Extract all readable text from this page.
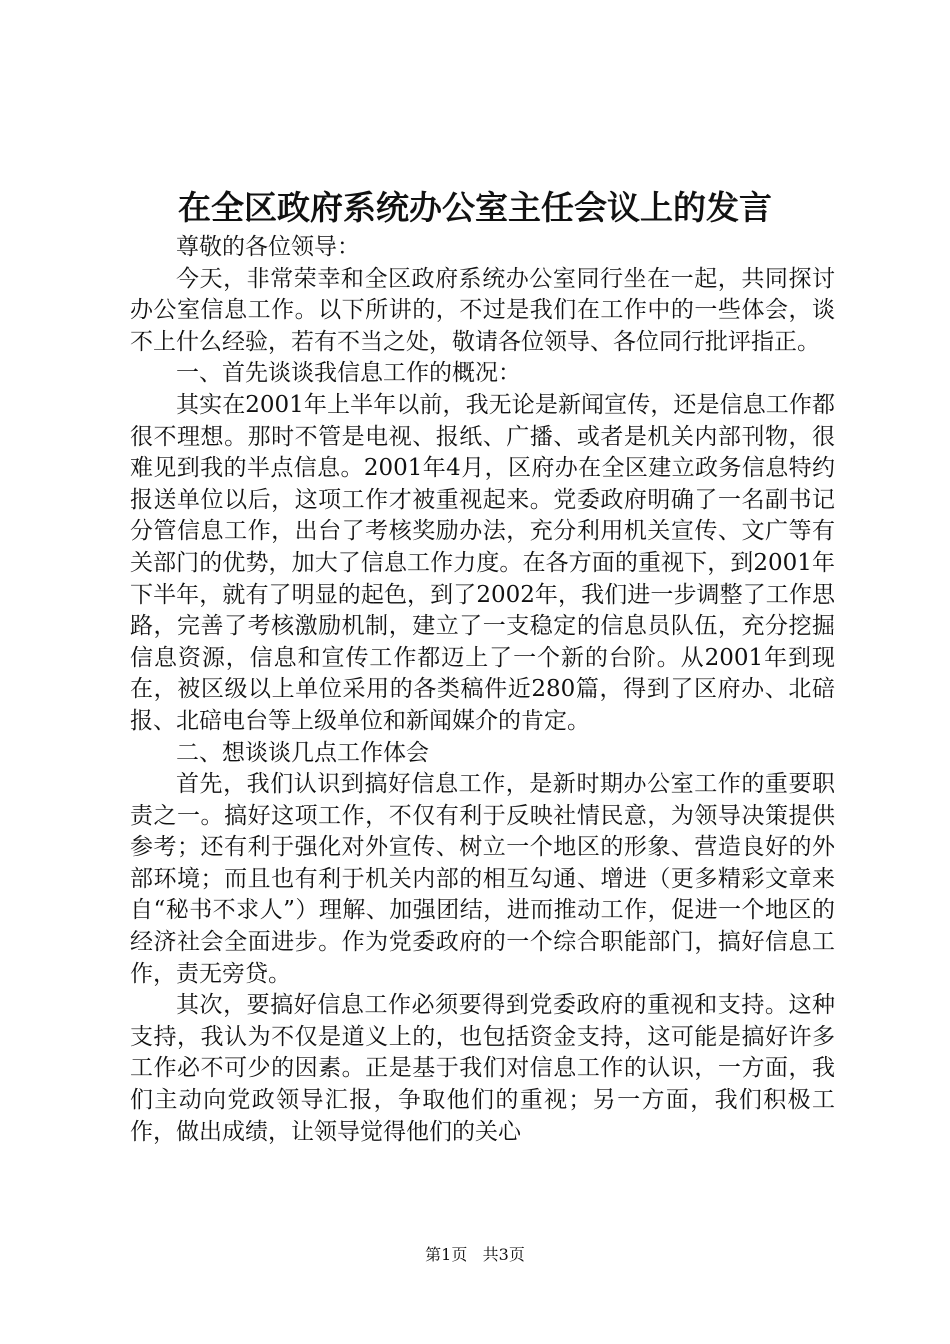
在全区政府系统办公室主任会议上的发言

尊敬的各位领导：

今天，非常荣幸和全区政府系统办公室同行坐在一起，共同探讨办公室信息工作。以下所讲的，不过是我们在工作中的一些体会，谈不上什么经验，若有不当之处，敬请各位领导、各位同行批评指正。

一、首先谈谈我信息工作的概况：

其实在2001年上半年以前，我无论是新闻宣传，还是信息工作都很不理想。那时不管是电视、报纸、广播、或者是机关内部刊物，很难见到我的半点信息。2001年4月，区府办在全区建立政务信息特约报送单位以后，这项工作才被重视起来。党委政府明确了一名副书记分管信息工作，出台了考核奖励办法，充分利用机关宣传、文广等有关部门的优势，加大了信息工作力度。在各方面的重视下，到2001年下半年，就有了明显的起色，到了2002年，我们进一步调整了工作思路，完善了考核激励机制，建立了一支稳定的信息员队伍，充分挖掘信息资源，信息和宣传工作都迈上了一个新的台阶。从2001年到现在，被区级以上单位采用的各类稿件近280篇，得到了区府办、北碚报、北碚电台等上级单位和新闻媒介的肯定。

二、想谈谈几点工作体会

首先，我们认识到搞好信息工作，是新时期办公室工作的重要职责之一。搞好这项工作，不仅有利于反映社情民意，为领导决策提供参考；还有利于强化对外宣传、树立一个地区的形象、营造良好的外部环境；而且也有利于机关内部的相互勾通、增进（更多精彩文章来自“秘书不求人”）理解、加强团结，进而推动工作，促进一个地区的经济社会全面进步。作为党委政府的一个综合职能部门，搞好信息工作，责无旁贷。

其次，要搞好信息工作必须要得到党委政府的重视和支持。这种支持，我认为不仅是道义上的，也包括资金支持，这可能是搞好许多工作必不可少的因素。正是基于我们对信息工作的认识，一方面，我们主动向党政领导汇报，争取他们的重视；另一方面，我们积极工作，做出成绩，让领导觉得他们的关心

第1页 共3页
